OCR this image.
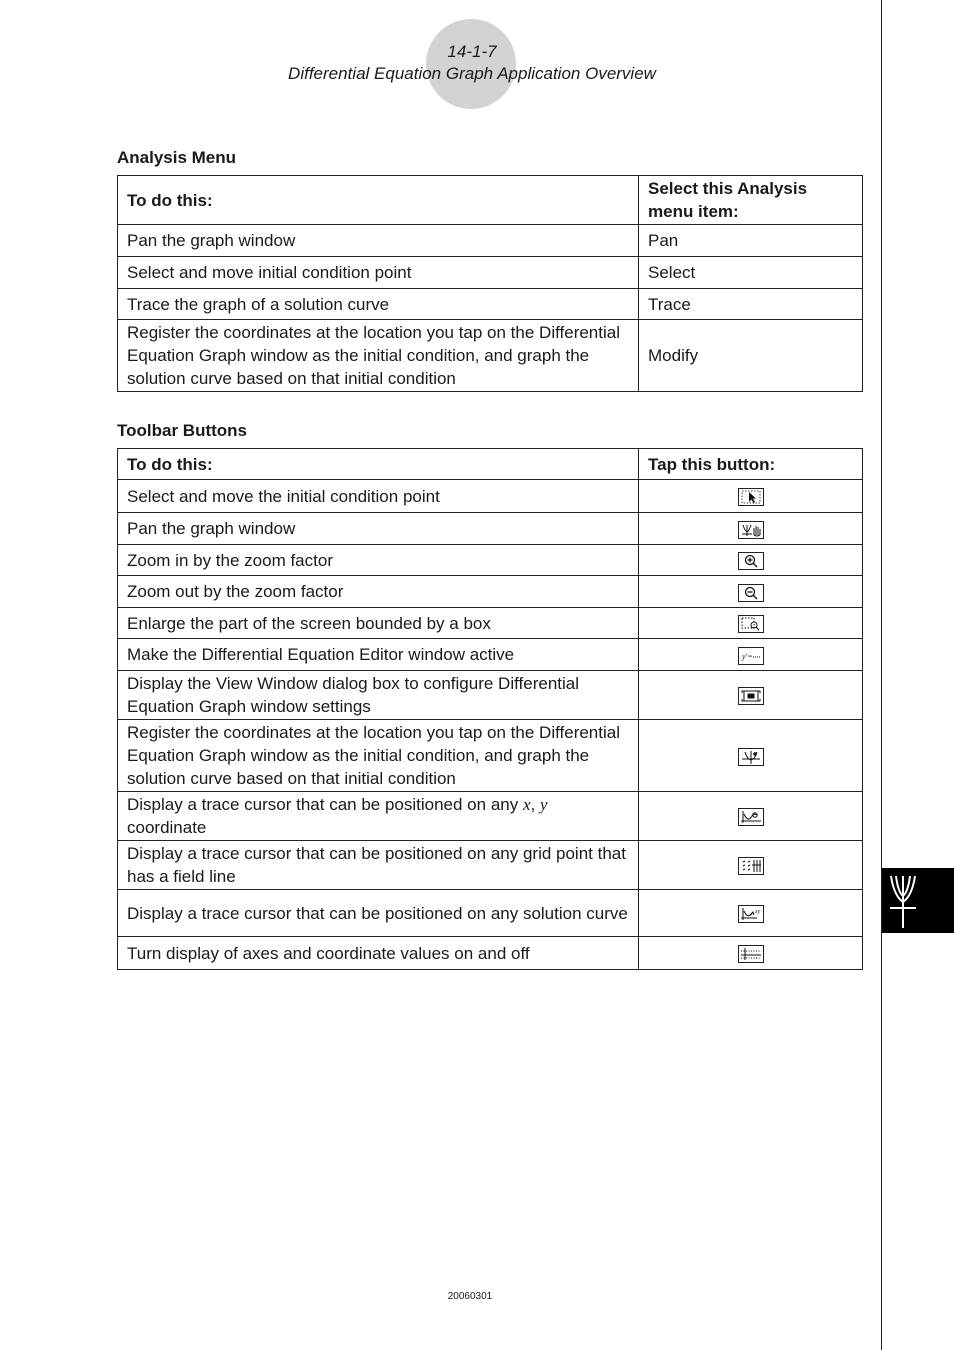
14-1-7
Differential Equation Graph Application Overview
Analysis Menu
To do this:	Select this Analysis menu item:
Pan the graph window	Pan
Select and move initial condition point	Select
Trace the graph of a solution curve	Trace
Register the coordinates at the location you tap on the Differential Equation Graph window as the initial condition, and graph the solution curve based on that initial condition	Modify
Toolbar Buttons
To do this:	Tap this button:
Select and move the initial condition point	

Pan the graph window	

Zoom in by the zoom factor	

Zoom out by the zoom factor	

Enlarge the part of the screen bounded by a box	

Make the Differential Equation Editor window active	y'=

Display the View Window dialog box to configure Differential Equation Graph window settings	

Register the coordinates at the location you tap on the Differential Equation Graph window as the initial condition, and graph the solution curve based on that initial condition	

Display a trace cursor that can be positioned on any x, y coordinate	

Display a trace cursor that can be positioned on any grid point that has a field line	

Display a trace cursor that can be positioned on any solution curve	xy

Turn display of axes and coordinate values on and off	
20060301
